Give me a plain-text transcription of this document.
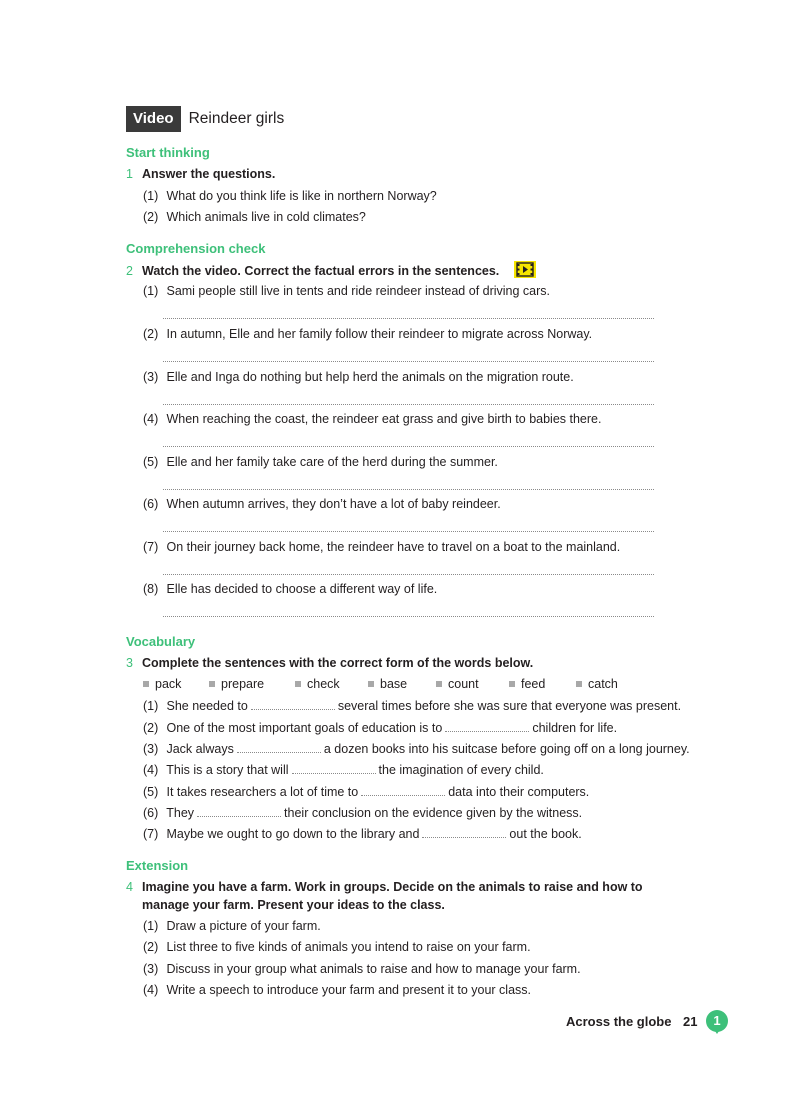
Video Reindeer girls
Start thinking
1 Answer the questions.
(1) What do you think life is like in northern Norway?
(2) Which animals live in cold climates?
Comprehension check
2 Watch the video. Correct the factual errors in the sentences.
(1) Sami people still live in tents and ride reindeer instead of driving cars.
(2) In autumn, Elle and her family follow their reindeer to migrate across Norway.
(3) Elle and Inga do nothing but help herd the animals on the migration route.
(4) When reaching the coast, the reindeer eat grass and give birth to babies there.
(5) Elle and her family take care of the herd during the summer.
(6) When autumn arrives, they don’t have a lot of baby reindeer.
(7) On their journey back home, the reindeer have to travel on a boat to the mainland.
(8) Elle has decided to choose a different way of life.
Vocabulary
3 Complete the sentences with the correct form of the words below.
pack	prepare	check	base	count	feed	catch
(1) She needed to	several times before she was sure that everyone was present.
(2) One of the most important goals of education is to	children for life.
(3) Jack always	a dozen books into his suitcase before going off on a long journey.
(4) This is a story that will	the imagination of every child.
(5) It takes researchers a lot of time to	data into their computers.
(6) They	their conclusion on the evidence given by the witness.
(7) Maybe we ought to go down to the library and	out the book.
Extension
4 Imagine you have a farm. Work in groups. Decide on the animals to raise and how to
manage your farm. Present your ideas to the class.
(1) Draw a picture of your farm.
(2) List three to five kinds of animals you intend to raise on your farm.
(3) Discuss in your group what animals to raise and how to manage your farm.
(4) Write a speech to introduce your farm and present it to your class.
Across the globe 21	1
